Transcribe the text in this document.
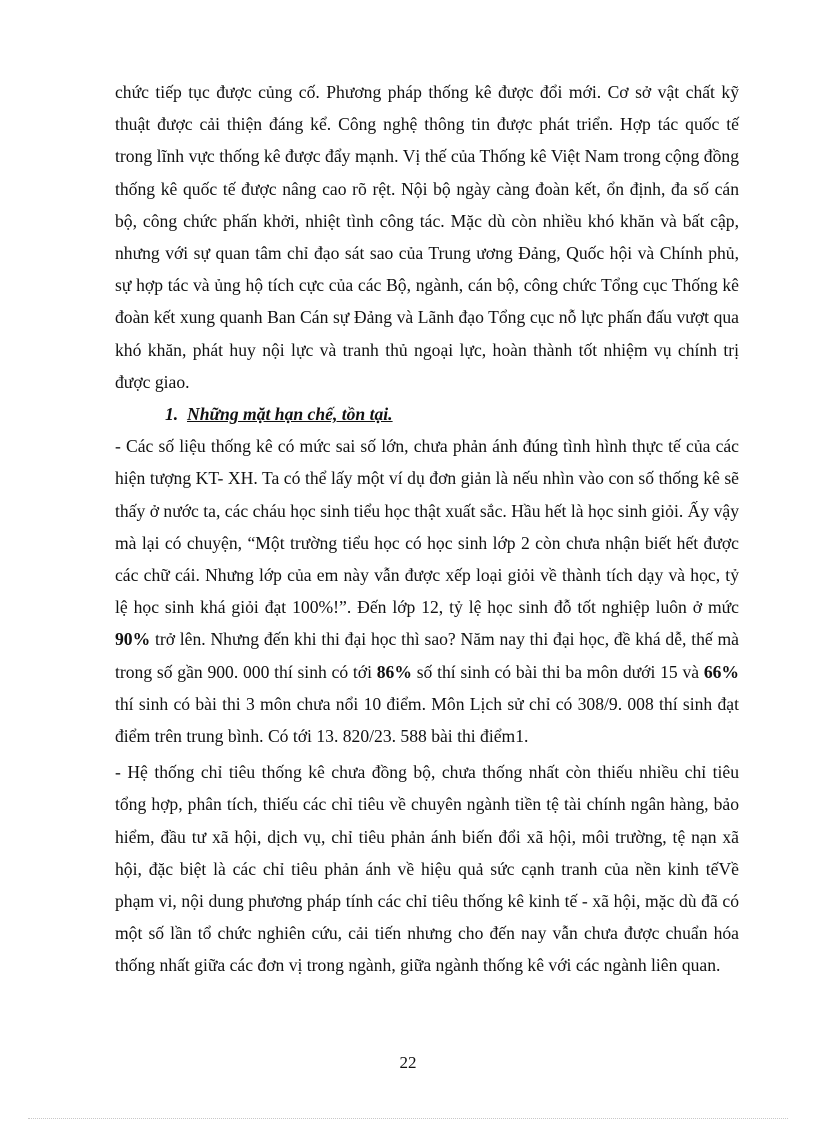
chức tiếp tục được củng cố. Phương pháp thống kê được đổi mới. Cơ sở vật chất kỹ thuật được cải thiện đáng kể. Công nghệ thông tin được phát triển. Hợp tác quốc tế trong lĩnh vực thống kê được đẩy mạnh. Vị thế của Thống kê Việt Nam trong cộng đồng thống kê quốc tế được nâng cao rõ rệt. Nội bộ ngày càng đoàn kết, ổn định, đa số cán bộ, công chức phấn khởi, nhiệt tình công tác. Mặc dù còn nhiều khó khăn và bất cập, nhưng với sự quan tâm chỉ đạo sát sao của Trung ương Đảng, Quốc hội và Chính phủ, sự hợp tác và ủng hộ tích cực của các Bộ, ngành, cán bộ, công chức Tổng cục Thống kê đoàn kết xung quanh Ban Cán sự Đảng và Lãnh đạo Tổng cục nỗ lực phấn đấu vượt qua khó khăn, phát huy nội lực và tranh thủ ngoại lực, hoàn thành tốt nhiệm vụ chính trị được giao.

1. Những mặt hạn chế, tồn tại.

- Các số liệu thống kê có mức sai số lớn, chưa phản ánh đúng tình hình thực tế của các hiện tượng KT- XH. Ta có thể lấy một ví dụ đơn giản là nếu nhìn vào con số thống kê sẽ thấy ở nước ta, các cháu học sinh tiểu học thật xuất sắc. Hầu hết là học sinh giỏi. Ấy vậy mà lại có chuyện, “Một trường tiểu học có học sinh lớp 2 còn chưa nhận biết hết được các chữ cái. Nhưng lớp của em này vẫn được xếp loại giỏi về thành tích dạy và học, tỷ lệ học sinh khá giỏi đạt 100%!”. Đến lớp 12, tỷ lệ học sinh đỗ tốt nghiệp luôn ở mức 90% trở lên. Nhưng đến khi thi đại học thì sao? Năm nay thi đại học, đề khá dễ, thế mà trong số gần 900. 000 thí sinh có tới 86% số thí sinh có bài thi ba môn dưới 15 và 66% thí sinh có bài thi 3 môn chưa nổi 10 điểm. Môn Lịch sử chỉ có 308/9. 008 thí sinh đạt điểm trên trung bình. Có tới 13. 820/23. 588 bài thi điểm1.

- Hệ thống chỉ tiêu thống kê chưa đồng bộ, chưa thống nhất còn thiếu nhiều chỉ tiêu tổng hợp, phân tích, thiếu các chỉ tiêu về chuyên ngành tiền tệ tài chính ngân hàng, bảo hiểm, đầu tư xã hội, dịch vụ, chỉ tiêu phản ánh biến đổi xã hội, môi trường, tệ nạn xã hội, đặc biệt là các chỉ tiêu phản ánh về hiệu quả sức cạnh tranh của nền kinh tếVề phạm vi, nội dung phương pháp tính các chỉ tiêu thống kê kinh tế - xã hội, mặc dù đã có một số lần tổ chức nghiên cứu, cải tiến nhưng cho đến nay vẫn chưa được chuẩn hóa thống nhất giữa các đơn vị trong ngành, giữa ngành thống kê với các ngành liên quan.

22
